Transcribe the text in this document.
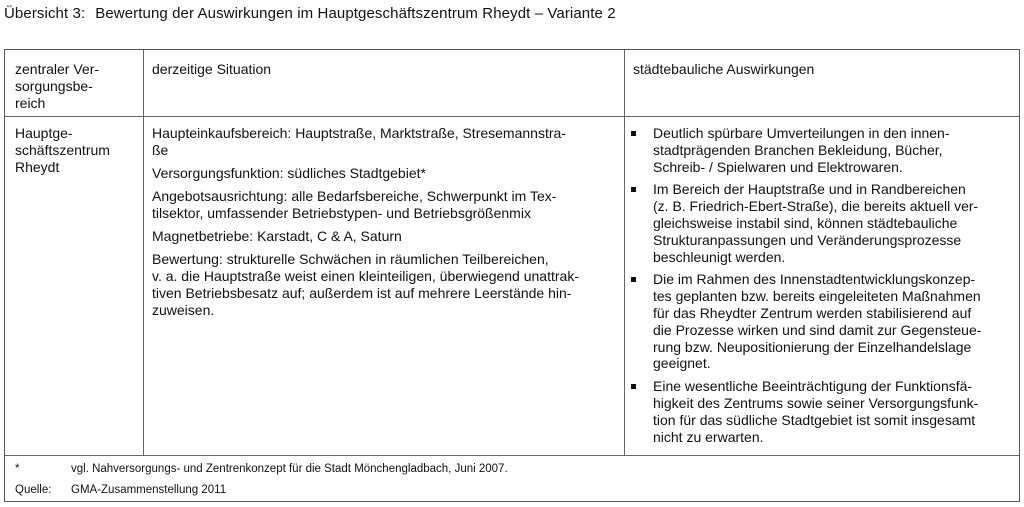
Übersicht 3: Bewertung der Auswirkungen im Hauptgeschäftszentrum Rheydt – Variante 2
zentraler Ver-
sorgungsbe-
reich
derzeitige Situation	städtebauliche Auswirkungen
Hauptge-
schäftszentrum
Rheydt
Haupteinkaufsbereich: Hauptstraße, Marktstraße, Stresemannstra-
ße
Versorgungsfunktion: südliches Stadtgebiet*
Angebotsausrichtung: alle Bedarfsbereiche, Schwerpunkt im Tex-
tilsektor, umfassender Betriebstypen- und Betriebsgrößenmix
Magnetbetriebe: Karstadt, C & A, Saturn
Bewertung: strukturelle Schwächen in räumlichen Teilbereichen,
v. a. die Hauptstraße weist einen kleinteiligen, überwiegend unattrak-
tiven Betriebsbesatz auf; außerdem ist auf mehrere Leerstände hin-
zuweisen.
Deutlich spürbare Umverteilungen in den innen-
stadtprägenden Branchen Bekleidung, Bücher,
Schreib- / Spielwaren und Elektrowaren.
Im Bereich der Hauptstraße und in Randbereichen
(z. B. Friedrich-Ebert-Straße), die bereits aktuell ver-
gleichsweise instabil sind, können städtebauliche
Strukturanpassungen und Veränderungsprozesse
beschleunigt werden.
Die im Rahmen des Innenstadtentwicklungskonzep-
tes geplanten bzw. bereits eingeleiteten Maßnahmen
für das Rheydter Zentrum werden stabilisierend auf
die Prozesse wirken und sind damit zur Gegensteue-
rung bzw. Neupositionierung der Einzelhandelslage
geeignet.
Eine wesentliche Beeinträchtigung der Funktionsfä-
higkeit des Zentrums sowie seiner Versorgungsfunk-
tion für das südliche Stadtgebiet ist somit insgesamt
nicht zu erwarten.
*	vgl. Nahversorgungs- und Zentrenkonzept für die Stadt Mönchengladbach, Juni 2007.
Quelle: GMA-Zusammenstellung 2011
